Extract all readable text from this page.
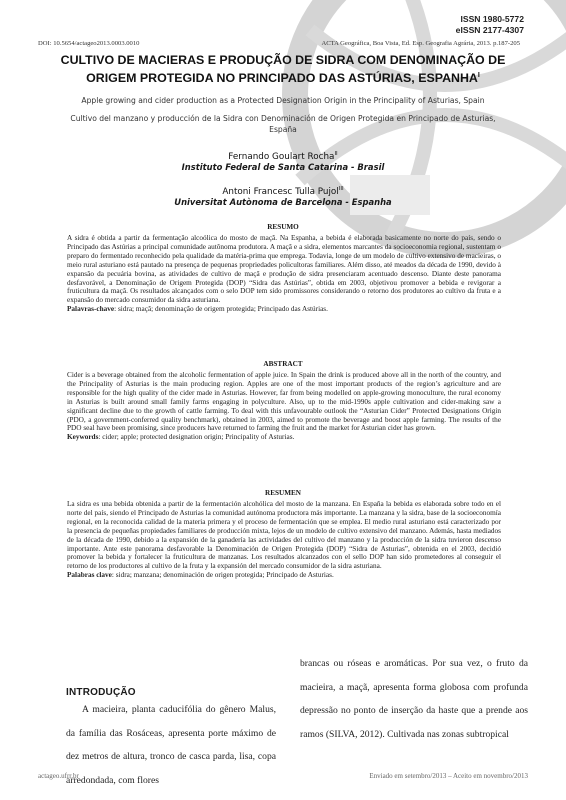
ISSN 1980-5772
eISSN 2177-4307
DOI: 10.5654/actageo2013.0003.0010	ACTA Geográfica, Boa Vista, Ed. Esp. Geografia Agrária, 2013. p.187-205
CULTIVO DE MACIERAS E PRODUÇÃO DE SIDRA COM DENOMINAÇÃO DE
ORIGEM PROTEGIDA NO PRINCIPADO DAS ASTÚRIAS, $ESPANHA^I$
Apple growing and cider production as a Protected Designation Origin in the Principality of Asturias, Spain
Cultivo del manzano y producción de la Sidra con Denominación de Origen Protegida en Principado de Asturias,
España
Fernando Goulart Rocha$^{II}$
Instituto Federal de Santa Catarina - Brasil
Antoni Francesc Tulla Pujol$^{III}$
Universitat Autònoma de Barcelona - Espanha
RESUMO

A sidra é obtida a partir da fermentação alcoólica do mosto de maçã. Na Espanha, a bebida é elaborada basicamente no norte do país, sendo o Principado das Astúrias a principal comunidade autônoma produtora. A maçã e a sidra, elementos marcantes da socioeconomia regional, sustentam o preparo do fermentado reconhecido pela qualidade da matéria-prima que emprega. Todavia, longe de um modelo de cultivo extensivo de macieiras, o meio rural asturiano está pautado na presença de pequenas propriedades policultoras familiares. Além disso, até meados da década de 1990, devido à expansão da pecuária bovina, as atividades de cultivo de maçã e produção de sidra presenciaram acentuado descenso. Diante deste panorama desfavorável, a Denominação de Origem Protegida (DOP) “Sidra das Astúrias”, obtida em 2003, objetivou promover a bebida e revigorar a fruticultura da maçã. Os resultados alcançados com o selo DOP tem sido promissores considerando o retorno dos produtores ao cultivo da fruta e a expansão do mercado consumidor da sidra asturiana.

Palavras-chave: sidra; maçã; denominação de origem protegida; Principado das Astúrias.

ABSTRACT

Cider is a beverage obtained from the alcoholic fermentation of apple juice. In Spain the drink is produced above all in the north of the country, and the Principality of Asturias is the main producing region. Apples are one of the most important products of the region’s agriculture and are responsible for the high quality of the cider made in Asturias. However, far from being modelled on apple-growing monoculture, the rural economy in Asturias is built around small family farms engaging in polyculture. Also, up to the mid-1990s apple cultivation and cider-making saw a significant decline due to the growth of cattle farming. To deal with this unfavourable outlook the “Asturian Cider” Protected Designations Origin (PDO, a government-conferred quality benchmark), obtained in 2003, aimed to promote the beverage and boost apple farming. The results of the PDO seal have been promising, since producers have returned to farming the fruit and the market for Asturian cider has grown.

Keywords: cider; apple; protected designation origin; Principality of Asturias.

RESUMEN

La sidra es una bebida obtenida a partir de la fermentación alcohólica del mosto de la manzana. En España la bebida es elaborada sobre todo en el norte del país, siendo el Principado de Asturias la comunidad autónoma productora más importante. La manzana y la sidra, base de la socioeconomía regional, en la reconocida calidad de la materia primera y el proceso de fermentación que se emplea. El medio rural asturiano está caracterizado por la presencia de pequeñas propiedades familiares de producción mixta, lejos de un modelo de cultivo extensivo del manzano. Además, hasta mediados de la década de 1990, debido a la expansión de la ganadería las actividades del cultivo del manzano y la producción de la sidra tuvieron descenso importante. Ante este panorama desfavorable la Denominación de Origen Protegida (DOP) “Sidra de Asturias”, obtenida en el 2003, decidió promover la bebida y fortalecer la fruticultura de manzanas. Los resultados alcanzados con el sello DOP han sido prometedores al conseguir el retorno de los productores al cultivo de la fruta y la expansión del mercado consumidor de la sidra asturiana.

Palabras clave: sidra; manzana; denominación de origen protegida; Principado de Asturias.

INTRODUÇÃO

A macieira, planta caducifólia do gênero Malus, da família das Rosáceas, apresenta porte máximo de dez metros de altura, tronco de casca parda, lisa, copa arredondada, com flores

brancas ou róseas e aromáticas. Por sua vez, o fruto da macieira, a maçã, apresenta forma globosa com profunda depressão no ponto de inserção da haste que a prende aos ramos (SILVA, 2012). Cultivada nas zonas subtropical

actageo.ufrr.br	Enviado em setembro/2013 – Aceito em novembro/2013
